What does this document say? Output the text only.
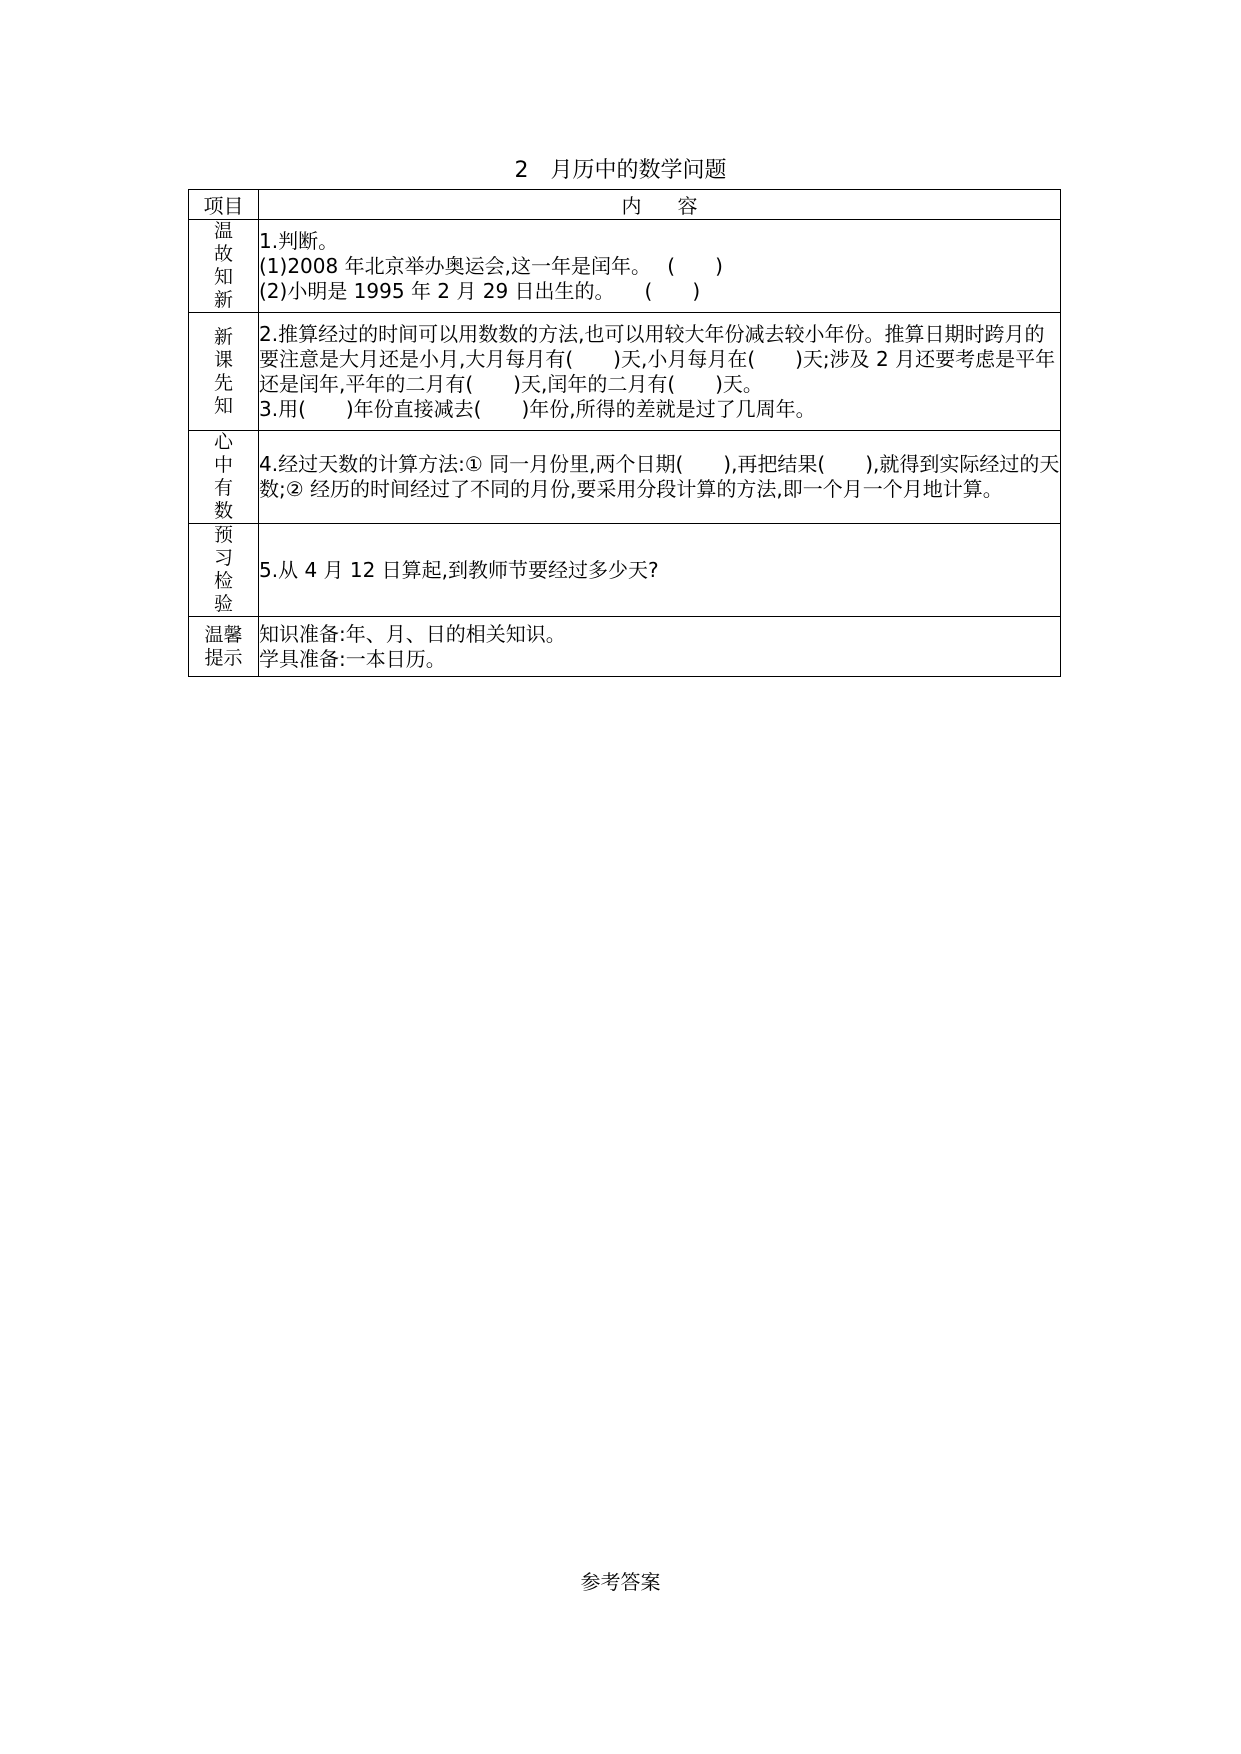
2 月历中的数学问题
项目	内 容

温
故
知
新	1.判断。
(1)2008 年北京举办奥运会,这一年是闰年。　 (　　)
(2)小明是 1995 年 2 月 29 日出生的。　　(　　)

新
课
先
知	2.推算经过的时间可以用数数的方法,也可以用较大年份减去较小年份。推算日期时跨月的要注意是大月还是小月,大月每月有(　　)天,小月每月在(　　)天;涉及 2 月还要考虑是平年还是闰年,平年的二月有(　　)天,闰年的二月有(　　)天。
3.用(　　)年份直接减去(　　)年份,所得的差就是过了几周年。

心
中
有
数	4.经过天数的计算方法:① 同一月份里,两个日期(　　),再把结果(　　),就得到实际经过的天数;② 经历的时间经过了不同的月份,要采用分段计算的方法,即一个月一个月地计算。

预
习
检
验	5.从 4 月 12 日算起,到教师节要经过多少天?

温馨
提示	知识准备:年、月、日的相关知识。
学具准备:一本日历。
参考答案
